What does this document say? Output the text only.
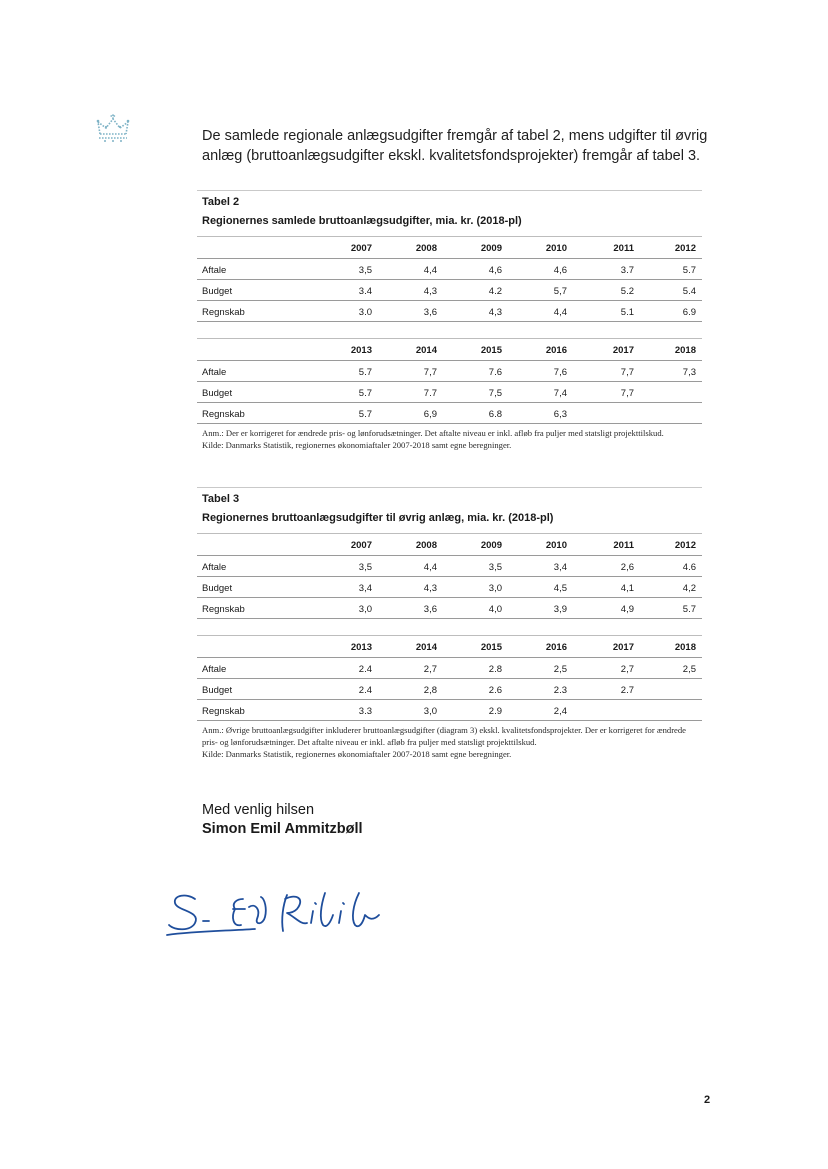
De samlede regionale anlægsudgifter fremgår af tabel 2, mens udgifter til øvrig anlæg (bruttoanlægsudgifter ekskl. kvalitetsfondsprojekter) fremgår af tabel 3.

Tabel 2
Regionernes samlede bruttoanlægsudgifter, mia. kr. (2018-pl)
2007	2008	2009	2010	2011	2012
Aftale	3,5	4,4	4,6	4,6	3.7	5.7
Budget	3.4	4,3	4.2	5,7	5.2	5.4
Regnskab	3.0	3,6	4,3	4,4	5.1	6.9
2013	2014	2015	2016	2017	2018
Aftale	5.7	7,7	7.6	7,6	7,7	7,3
Budget	5.7	7.7	7,5	7,4	7,7
Regnskab	5.7	6,9	6.8	6,3
Anm.: Der er korrigeret for ændrede pris- og lønforudsætninger. Det aftalte niveau er inkl. afløb fra puljer med statsligt projekttilskud.
Kilde: Danmarks Statistik, regionernes økonomiaftaler 2007-2018 samt egne beregninger.
Tabel 3
Regionernes bruttoanlægsudgifter til øvrig anlæg, mia. kr. (2018-pl)
2007	2008	2009	2010	2011	2012
Aftale	3,5	4,4	3,5	3,4	2,6	4.6
Budget	3,4	4,3	3,0	4,5	4,1	4,2
Regnskab	3,0	3,6	4,0	3,9	4,9	5.7
2013	2014	2015	2016	2017	2018
Aftale	2.4	2,7	2.8	2,5	2,7	2,5
Budget	2.4	2,8	2.6	2.3	2.7
Regnskab	3.3	3,0	2.9	2,4
Anm.: Øvrige bruttoanlægsudgifter inkluderer bruttoanlægsudgifter (diagram 3) ekskl. kvalitetsfondsprojekter. Der er korrigeret for ændrede pris- og lønforudsætninger. Det aftalte niveau er inkl. afløb fra puljer med statsligt projekttilskud.
Kilde: Danmarks Statistik, regionernes økonomiaftaler 2007-2018 samt egne beregninger.
Med venlig hilsen
Simon Emil Ammitzbøll
2
